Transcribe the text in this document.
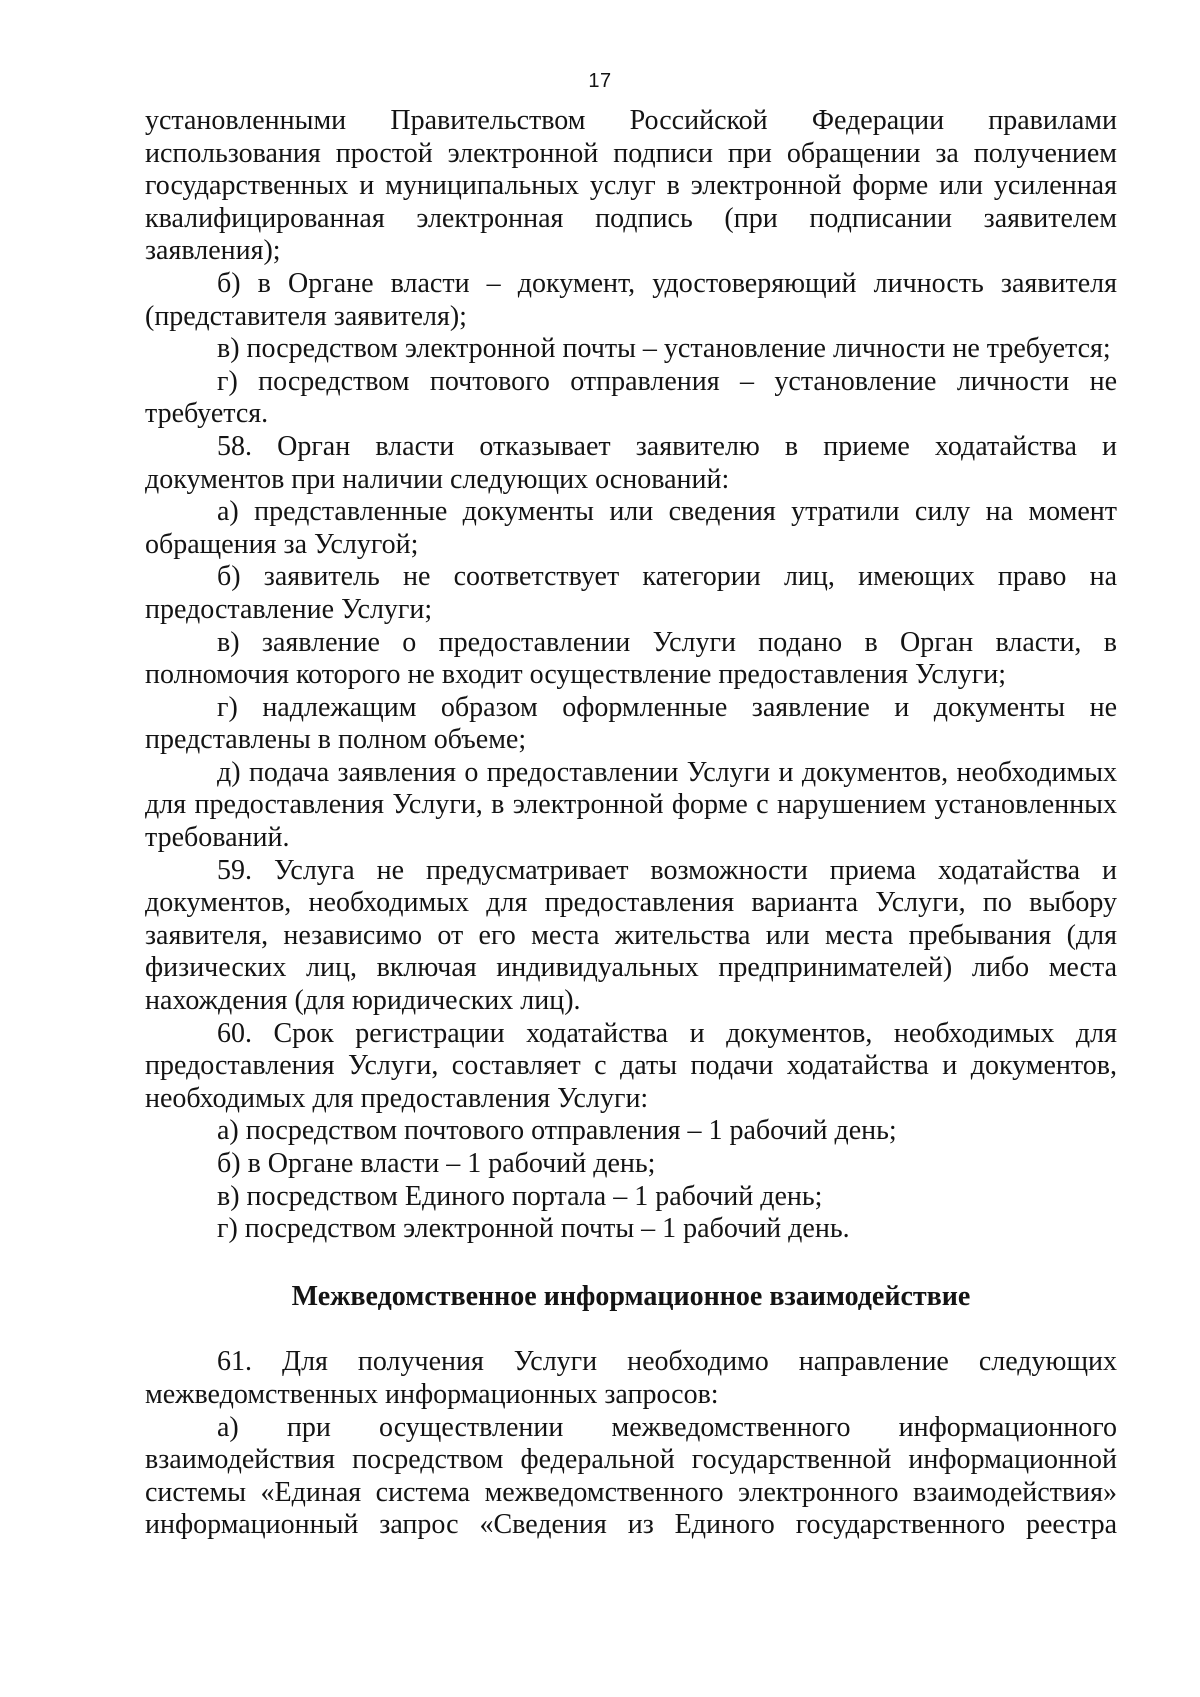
17

установленными Правительством Российской Федерации правилами использования простой электронной подписи при обращении за получением государственных и муниципальных услуг в электронной форме или усиленная квалифицированная электронная подпись (при подписании заявителем заявления);

б) в Органе власти – документ, удостоверяющий личность заявителя (представителя заявителя);

в) посредством электронной почты – установление личности не требуется;

г) посредством почтового отправления – установление личности не требуется.

58. Орган власти отказывает заявителю в приеме ходатайства и документов при наличии следующих оснований:

а) представленные документы или сведения утратили силу на момент обращения за Услугой;

б) заявитель не соответствует категории лиц, имеющих право на предоставление Услуги;

в) заявление о предоставлении Услуги подано в Орган власти, в полномочия которого не входит осуществление предоставления Услуги;

г) надлежащим образом оформленные заявление и документы не представлены в полном объеме;

д) подача заявления о предоставлении Услуги и документов, необходимых для предоставления Услуги, в электронной форме с нарушением установленных требований.

59. Услуга не предусматривает возможности приема ходатайства и документов, необходимых для предоставления варианта Услуги, по выбору заявителя, независимо от его места жительства или места пребывания (для физических лиц, включая индивидуальных предпринимателей) либо места нахождения (для юридических лиц).

60. Срок регистрации ходатайства и документов, необходимых для предоставления Услуги, составляет с даты подачи ходатайства и документов, необходимых для предоставления Услуги:

а) посредством почтового отправления – 1 рабочий день;

б) в Органе власти – 1 рабочий день;

в) посредством Единого портала – 1 рабочий день;

г) посредством электронной почты – 1 рабочий день.

Межведомственное информационное взаимодействие

61. Для получения Услуги необходимо направление следующих межведомственных информационных запросов:

а) при осуществлении межведомственного информационного взаимодействия посредством федеральной государственной информационной системы «Единая система межведомственного электронного взаимодействия» информационный запрос «Сведения из Единого государственного реестра
